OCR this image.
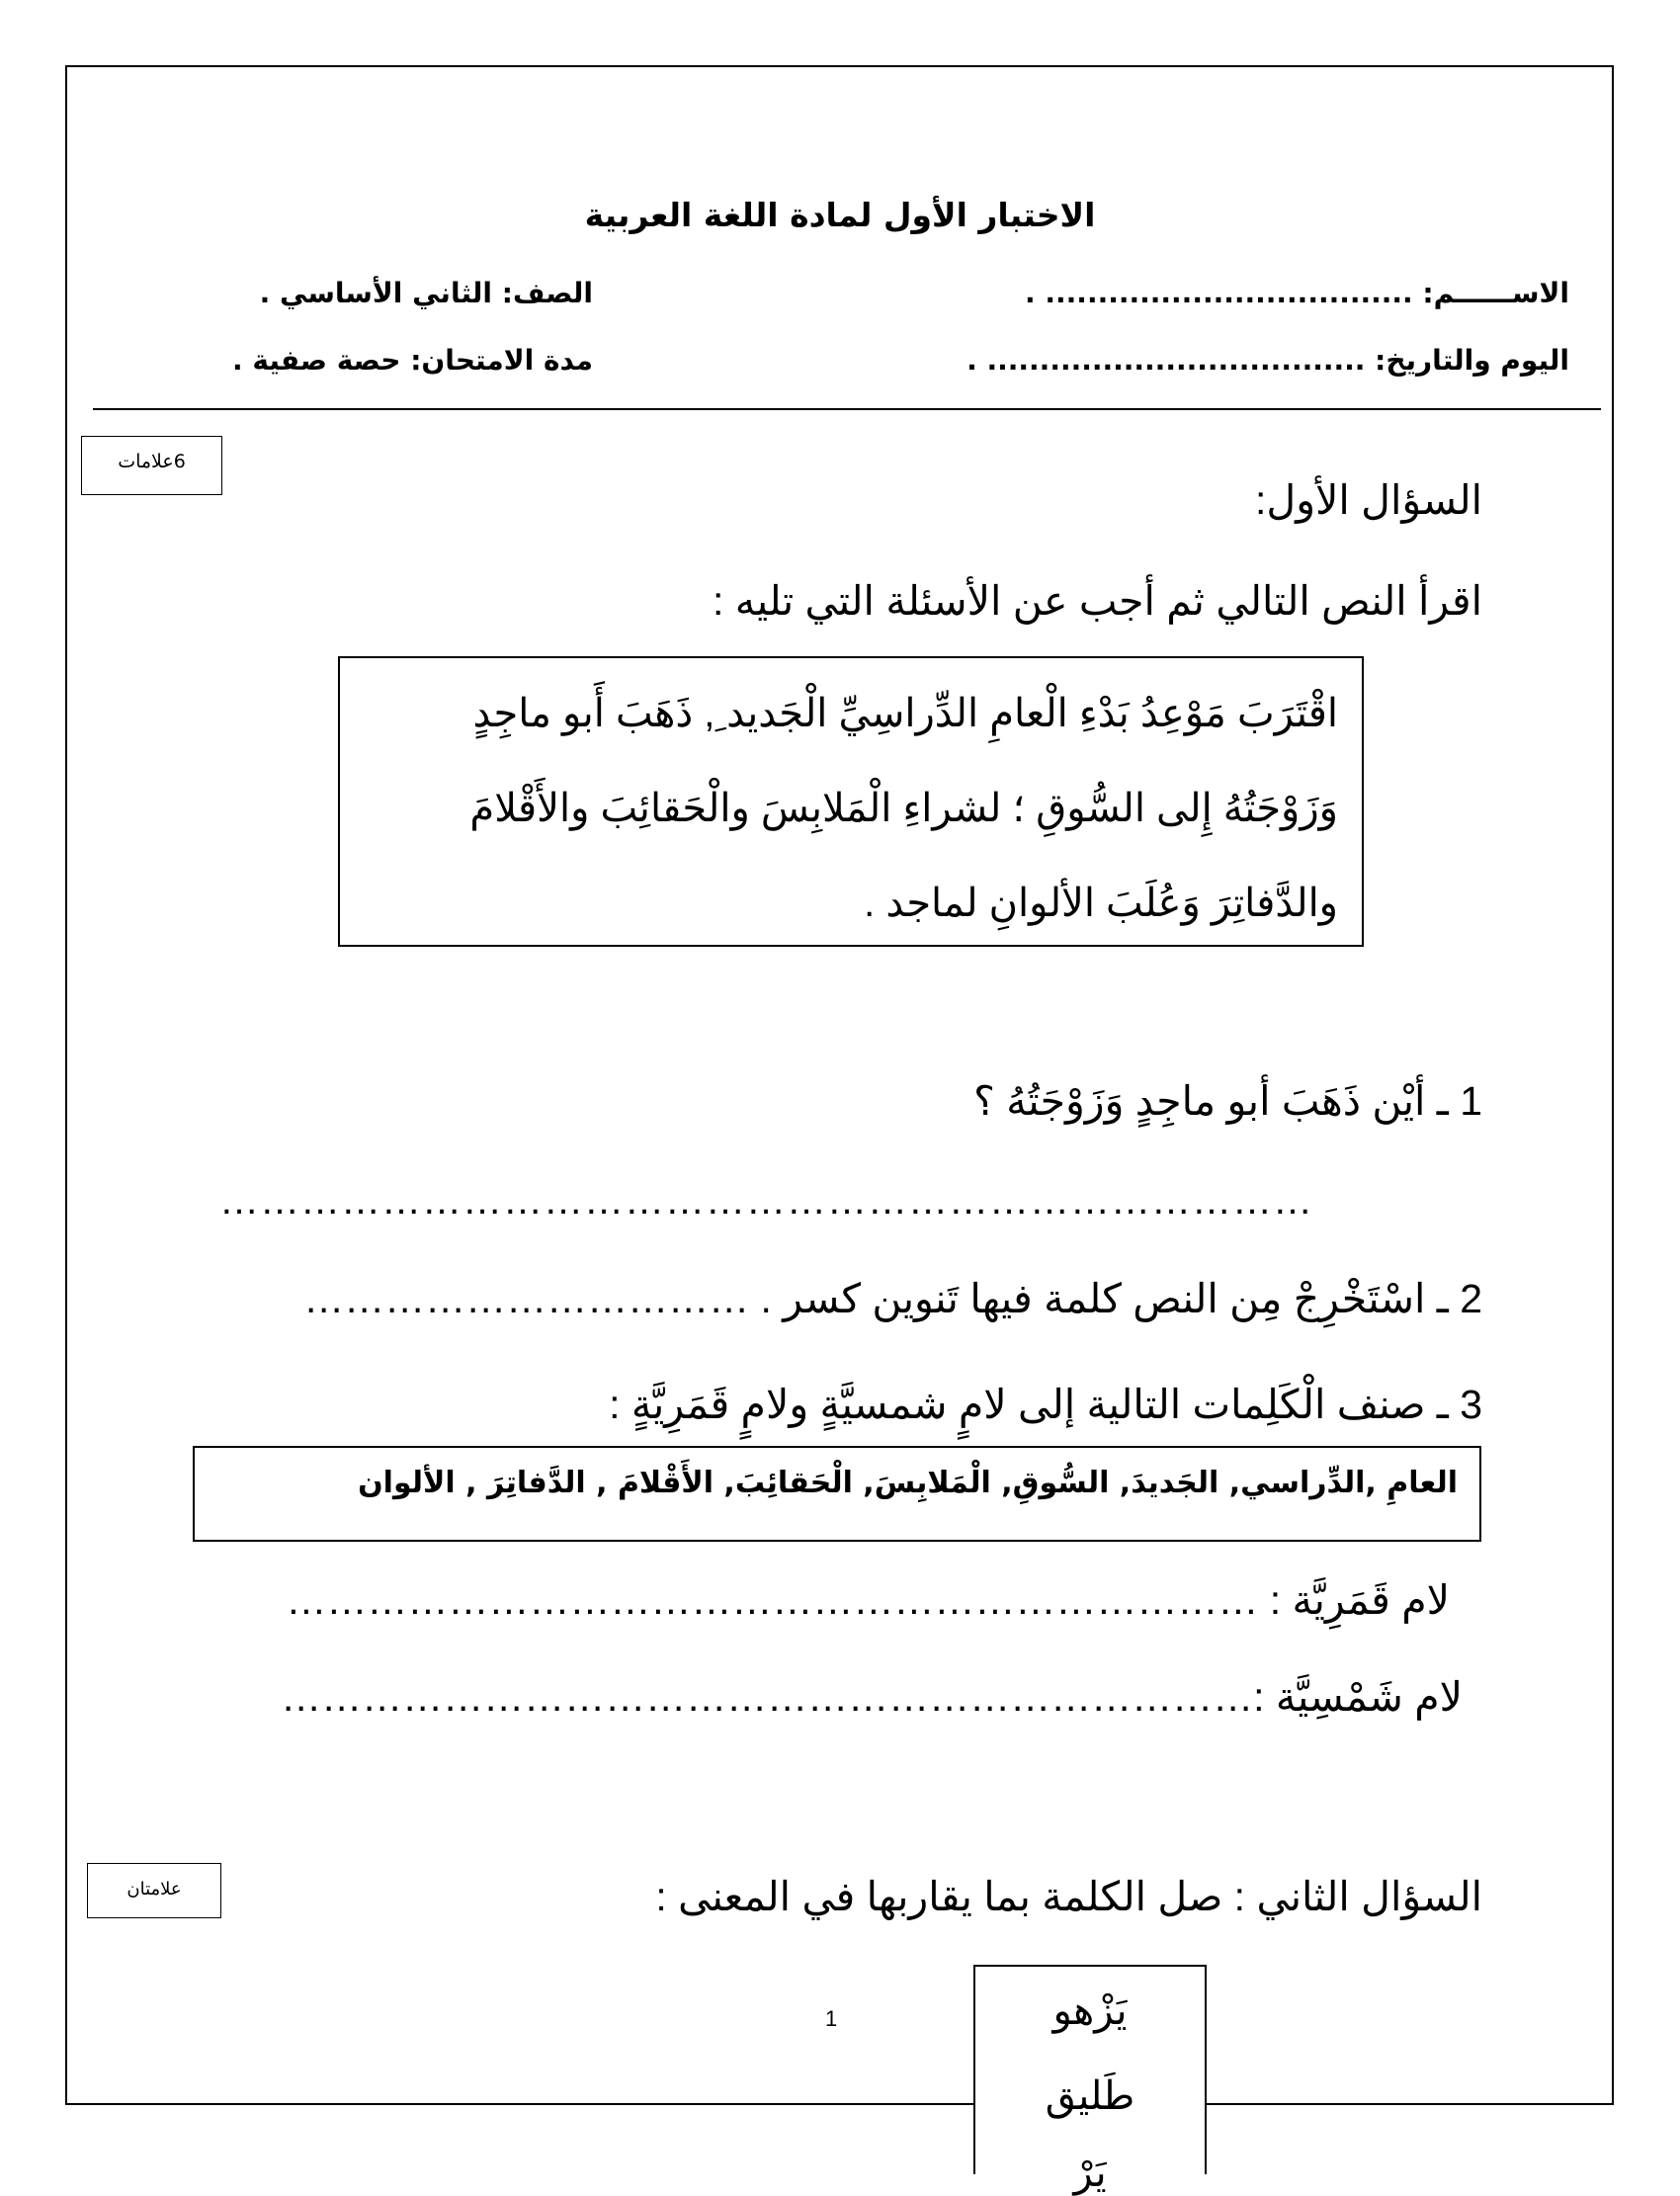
الاختبار الأول لمادة اللغة العربية
الاســــــم: ................................... .
اليوم والتاريخ: .................................... .
الصف: الثاني الأساسي .
مدة الامتحان: حصة صفية .
6علامات
السؤال الأول:
اقرأ النص التالي ثم أجب عن الأسئلة التي تليه :
اقْتَرَبَ مَوْعِدُ بَدْءِ الْعامِ الدِّراسِيِّ الْجَديد ِ, ذَهَبَ أَبو ماجِدٍ
وَزَوْجَتُهُ إِلى السُّوقِ ؛ لشراءِ الْمَلابِسَ والْحَقائِبَ والأَقْلامَ
والدَّفاتِرَ وَعُلَبَ الألوانِ لماجد .
1 ـ أيْن ذَهَبَ أبو ماجِدٍ وَزَوْجَتُهُ ؟
………………………………………………………………………
2 ـ اسْتَخْرِجْ مِن النص كلمة فيها تَنوين كسر . ……………………………
3 ـ صنف الْكَلِمات التالية إلى لامٍ شمسيَّةٍ ولامٍ قَمَرِيَّةٍ :
العامِ ,الدِّراسي, الجَديدَ, السُّوقِ, الْمَلابِسَ, الْحَقائِبَ, الأَقْلامَ , الدَّفاتِرَ , الألوان
لام قَمَرِيَّة : ………………………………………………………………
لام شَمْسِيَّة :………………………………………………………………
علامتان	السؤال الثاني : صل الكلمة بما يقاربها في المعنى :
1	يَزْهو
طَليق
يَرْ
